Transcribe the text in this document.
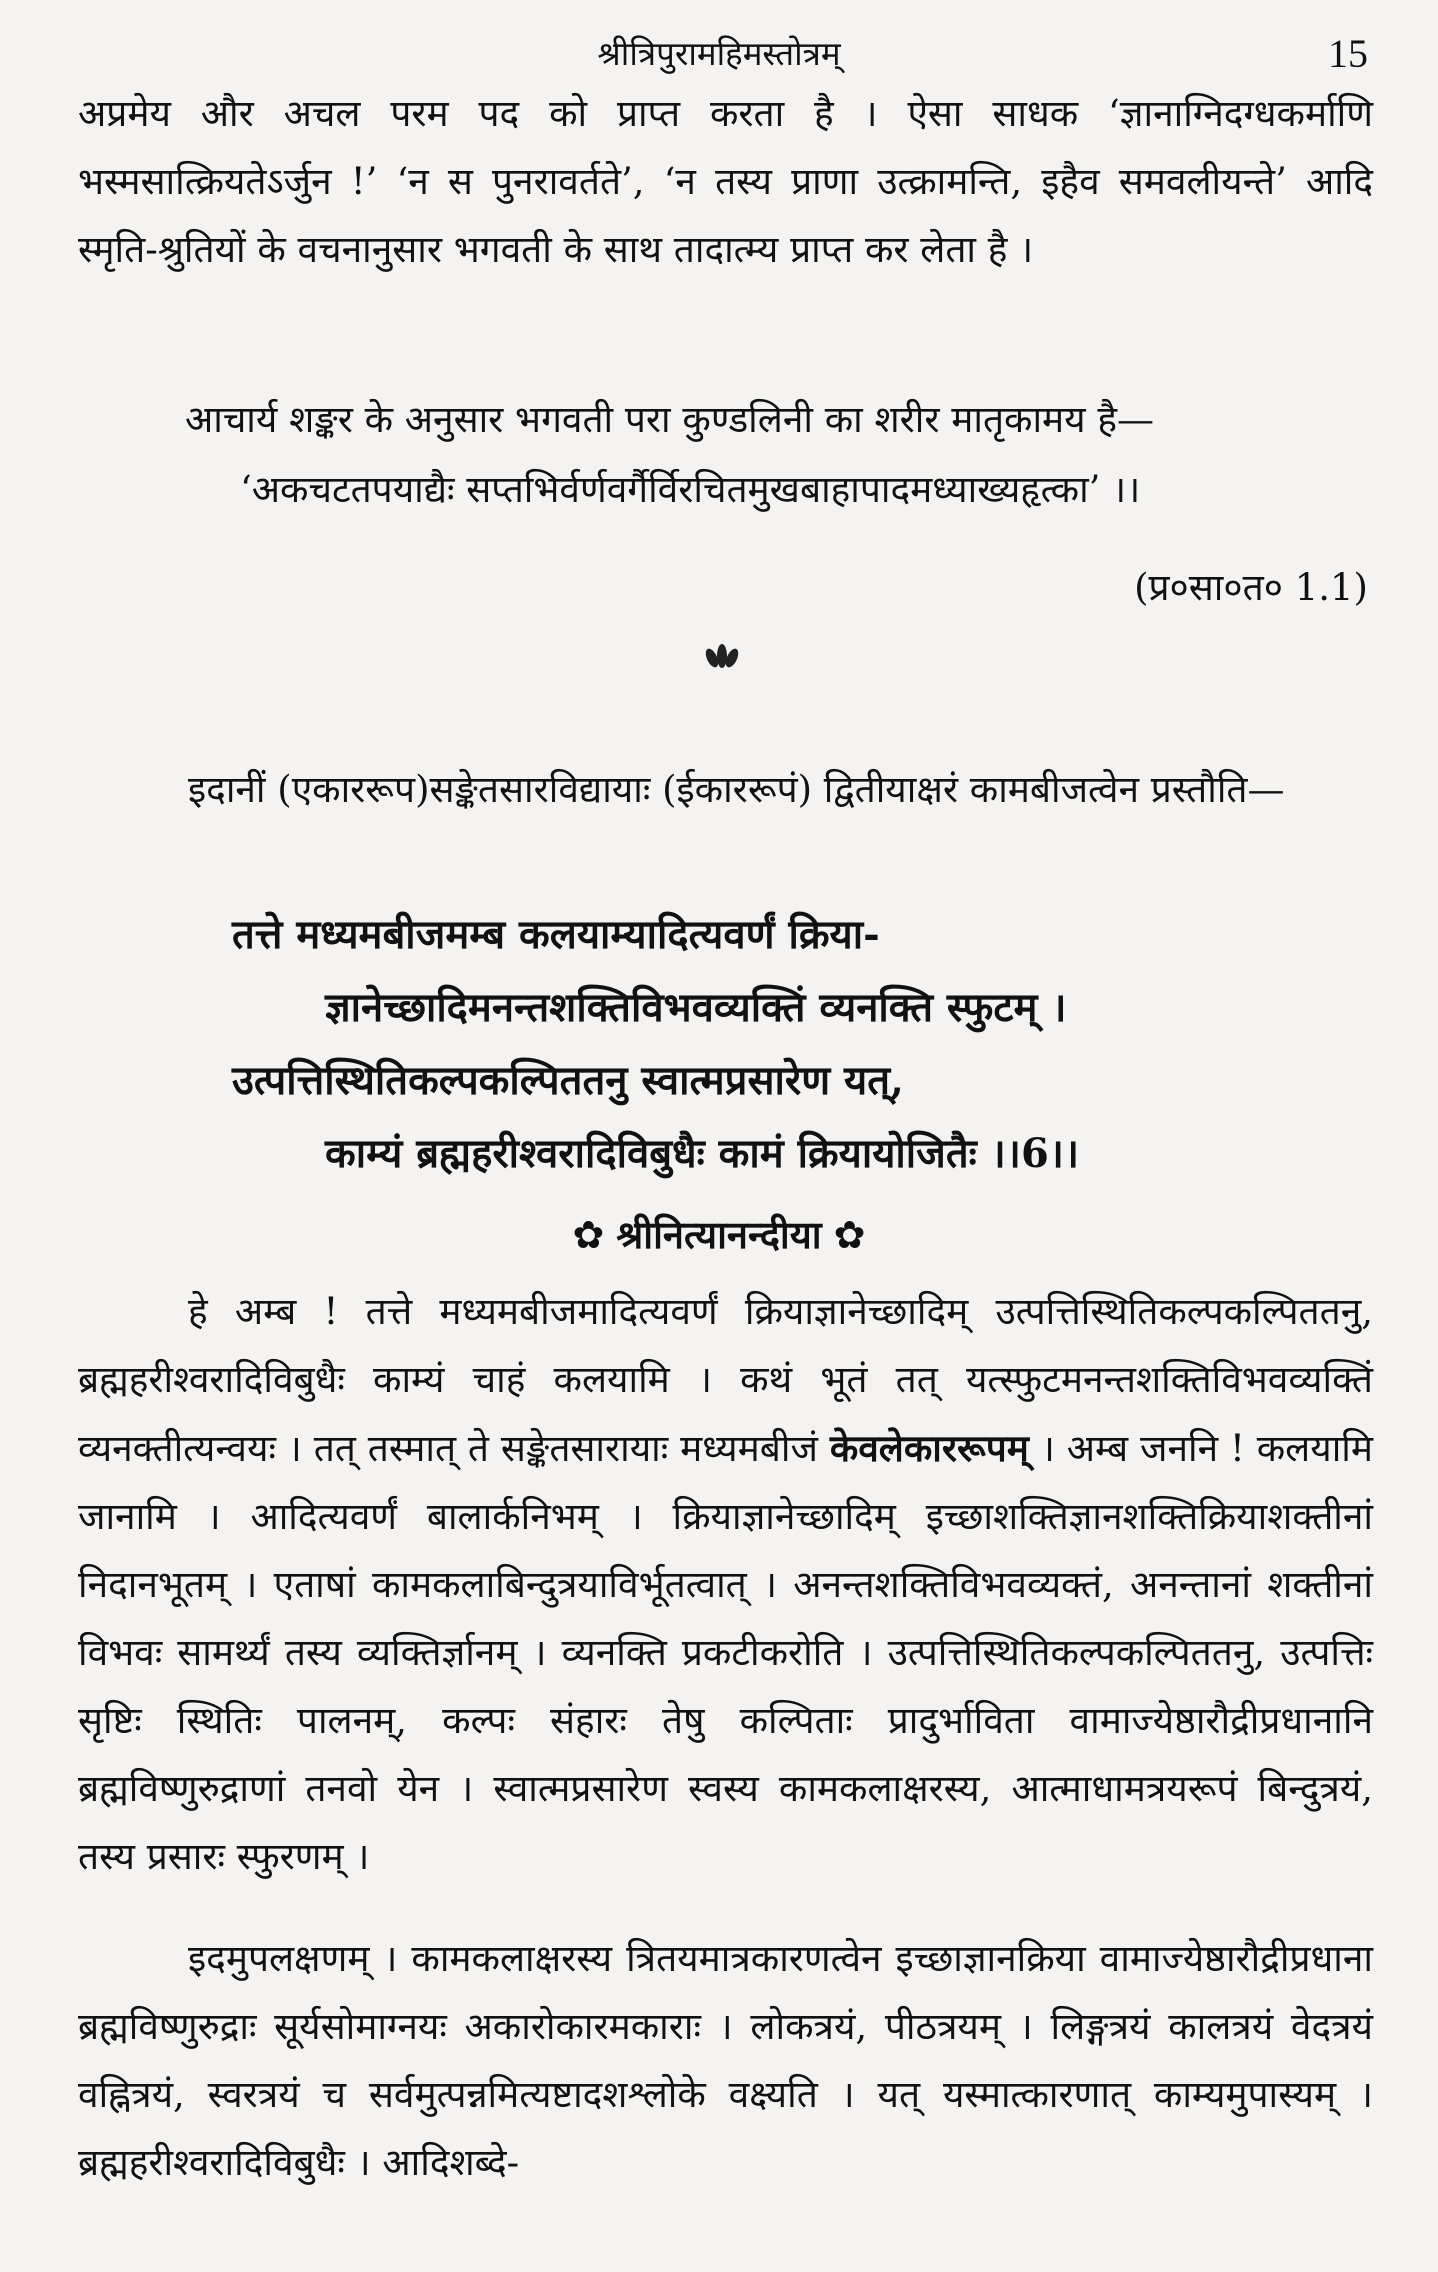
श्रीत्रिपुरामहिमस्तोत्रम्	15

अप्रमेय और अचल परम पद को प्राप्त करता है । ऐसा साधक ‘ज्ञानाग्निदग्धकर्माणि भस्मसात्क्रियतेऽर्जुन !’ ‘न स पुनरावर्तते’, ‘न तस्य प्राणा उत्क्रामन्ति, इहैव समवलीयन्ते’ आदि स्मृति-श्रुतियों के वचनानुसार भगवती के साथ तादात्म्य प्राप्त कर लेता है ।

आचार्य शङ्कर के अनुसार भगवती परा कुण्डलिनी का शरीर मातृकामय है—
‘अकचटतपयाद्यैः सप्तभिर्वर्णवर्गैर्विरचितमुखबाहापादमध्याख्यहृत्का’ ।।
(प्र०सा०त० 1.1)

इदानीं (एकाररूप)सङ्केतसारविद्यायाः (ईकाररूपं) द्वितीयाक्षरं कामबीजत्वेन प्रस्तौति—

तत्ते मध्यमबीजमम्ब कलयाम्यादित्यवर्णं क्रिया-
ज्ञानेच्छादिमनन्तशक्तिविभवव्यक्तिं व्यनक्ति स्फुटम् ।
उत्पत्तिस्थितिकल्पकल्पिततनु स्वात्मप्रसारेण यत्,
काम्यं ब्रह्महरीश्वरादिविबुधैः कामं क्रियायोजितैः ।।6।।
✿ श्रीनित्यानन्दीया ✿

हे अम्ब ! तत्ते मध्यमबीजमादित्यवर्णं क्रियाज्ञानेच्छादिम् उत्पत्तिस्थितिकल्पकल्पिततनु, ब्रह्महरीश्वरादिविबुधैः काम्यं चाहं कलयामि । कथं भूतं तत् यत्स्फुटमनन्तशक्तिविभवव्यक्तिं व्यनक्तीत्यन्वयः । तत् तस्मात् ते सङ्केतसारायाः मध्यमबीजं केवलेकाररूपम् । अम्ब जननि ! कलयामि जानामि । आदित्यवर्णं बालार्कनिभम् । क्रियाज्ञानेच्छादिम् इच्छाशक्तिज्ञानशक्तिक्रियाशक्तीनां निदानभूतम् । एताषां कामकलाबिन्दुत्रयाविर्भूतत्वात् । अनन्तशक्तिविभवव्यक्तं, अनन्तानां शक्तीनां विभवः सामर्थ्यं तस्य व्यक्तिर्ज्ञानम् । व्यनक्ति प्रकटीकरोति । उत्पत्तिस्थितिकल्पकल्पिततनु, उत्पत्तिः सृष्टिः स्थितिः पालनम्, कल्पः संहारः तेषु कल्पिताः प्रादुर्भाविता वामाज्येष्ठारौद्रीप्रधानानि ब्रह्मविष्णुरुद्राणां तनवो येन । स्वात्मप्रसारेण स्वस्य कामकलाक्षरस्य, आत्माधामत्रयरूपं बिन्दुत्रयं, तस्य प्रसारः स्फुरणम् ।

इदमुपलक्षणम् । कामकलाक्षरस्य त्रितयमात्रकारणत्वेन इच्छाज्ञानक्रिया वामाज्येष्ठारौद्रीप्रधाना ब्रह्मविष्णुरुद्राः सूर्यसोमाग्नयः अकारोकारमकाराः । लोकत्रयं, पीठत्रयम् । लिङ्गत्रयं कालत्रयं वेदत्रयं वह्नित्रयं, स्वरत्रयं च सर्वमुत्पन्नमित्यष्टादशश्लोके वक्ष्यति । यत् यस्मात्कारणात् काम्यमुपास्यम् । ब्रह्महरीश्वरादिविबुधैः । आदिशब्दे-
